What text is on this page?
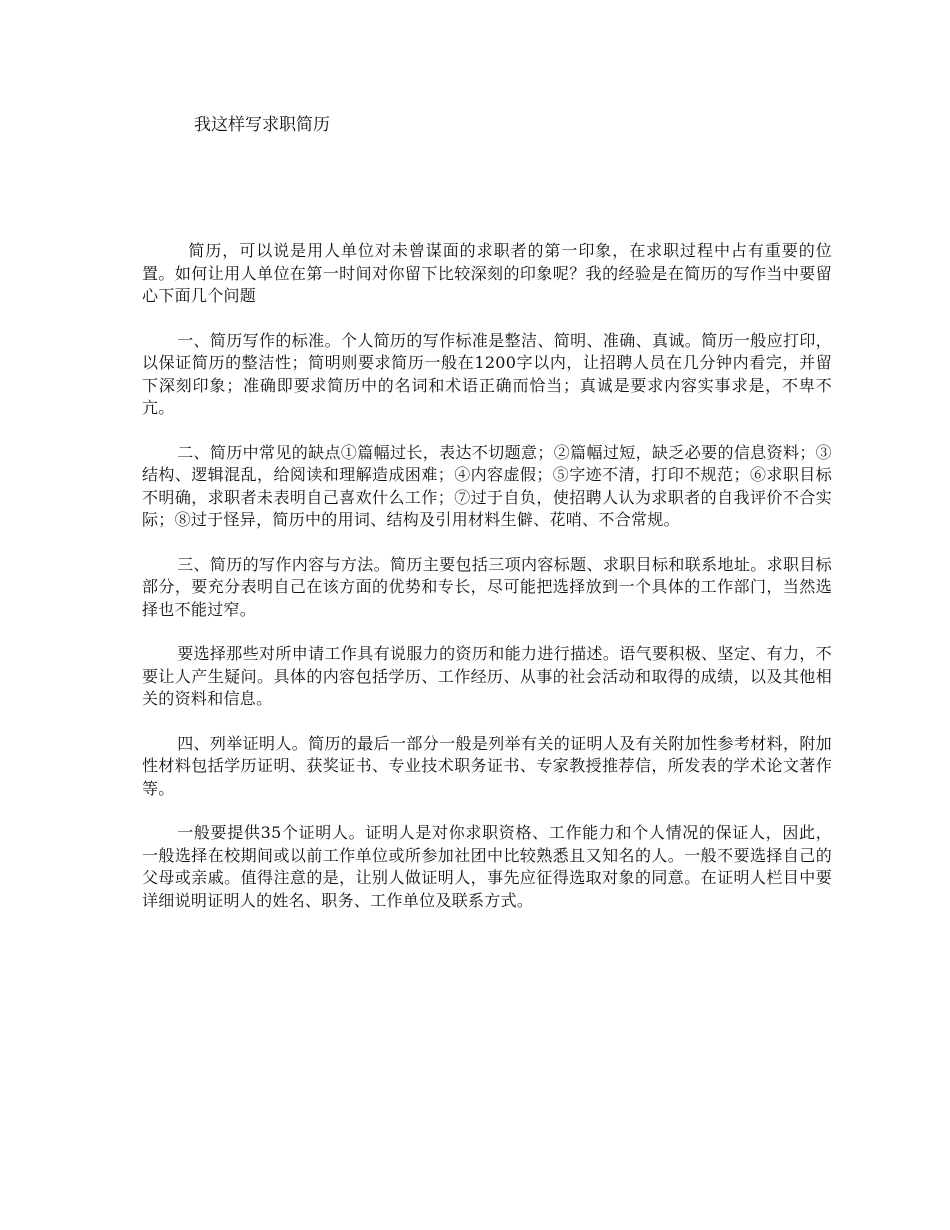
我这样写求职简历

简历，可以说是用人单位对未曾谋面的求职者的第一印象，在求职过程中占有重要的位置。如何让用人单位在第一时间对你留下比较深刻的印象呢？我的经验是在简历的写作当中要留心下面几个问题

一、简历写作的标准。个人简历的写作标准是整洁、简明、准确、真诚。简历一般应打印，以保证简历的整洁性；简明则要求简历一般在1200字以内，让招聘人员在几分钟内看完，并留下深刻印象；准确即要求简历中的名词和术语正确而恰当；真诚是要求内容实事求是，不卑不亢。

二、简历中常见的缺点①篇幅过长，表达不切题意；②篇幅过短，缺乏必要的信息资料；③结构、逻辑混乱，给阅读和理解造成困难；④内容虚假；⑤字迹不清，打印不规范；⑥求职目标不明确，求职者未表明自己喜欢什么工作；⑦过于自负，使招聘人认为求职者的自我评价不合实际；⑧过于怪异，简历中的用词、结构及引用材料生僻、花哨、不合常规。

三、简历的写作内容与方法。简历主要包括三项内容标题、求职目标和联系地址。求职目标部分，要充分表明自己在该方面的优势和专长，尽可能把选择放到一个具体的工作部门，当然选择也不能过窄。

要选择那些对所申请工作具有说服力的资历和能力进行描述。语气要积极、坚定、有力，不要让人产生疑问。具体的内容包括学历、工作经历、从事的社会活动和取得的成绩，以及其他相关的资料和信息。

四、列举证明人。简历的最后一部分一般是列举有关的证明人及有关附加性参考材料，附加性材料包括学历证明、获奖证书、专业技术职务证书、专家教授推荐信，所发表的学术论文著作等。

一般要提供35个证明人。证明人是对你求职资格、工作能力和个人情况的保证人，因此，一般选择在校期间或以前工作单位或所参加社团中比较熟悉且又知名的人。一般不要选择自己的父母或亲戚。值得注意的是，让别人做证明人，事先应征得选取对象的同意。在证明人栏目中要详细说明证明人的姓名、职务、工作单位及联系方式。
